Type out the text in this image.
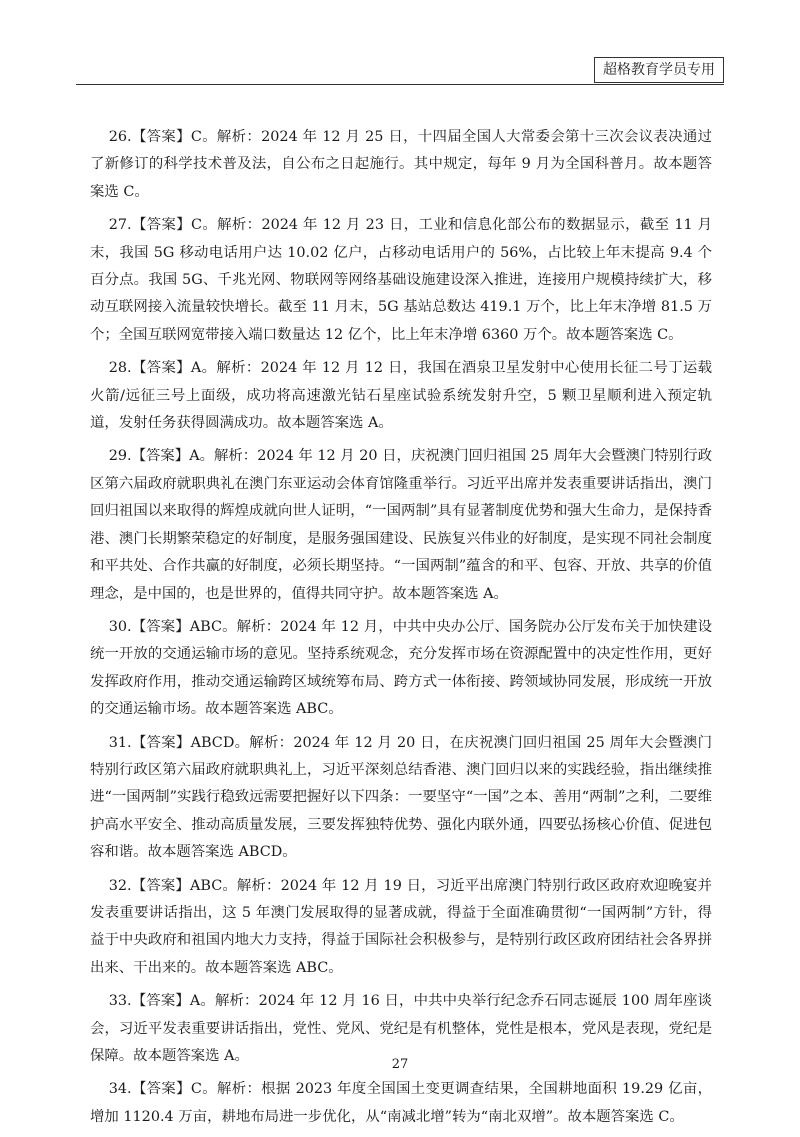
超格教育学员专用

26.【答案】C。解析：2024 年 12 月 25 日，十四届全国人大常委会第十三次会议表决通过了新修订的科学技术普及法，自公布之日起施行。其中规定，每年 9 月为全国科普月。故本题答案选 C。

27.【答案】C。解析：2024 年 12 月 23 日，工业和信息化部公布的数据显示，截至 11 月末，我国 5G 移动电话用户达 10.02 亿户，占移动电话用户的 56%，占比较上年末提高 9.4 个百分点。我国 5G、千兆光网、物联网等网络基础设施建设深入推进，连接用户规模持续扩大，移动互联网接入流量较快增长。截至 11 月末，5G 基站总数达 419.1 万个，比上年末净增 81.5 万个；全国互联网宽带接入端口数量达 12 亿个，比上年末净增 6360 万个。故本题答案选 C。

28.【答案】A。解析：2024 年 12 月 12 日，我国在酒泉卫星发射中心使用长征二号丁运载火箭/远征三号上面级，成功将高速激光钻石星座试验系统发射升空，5 颗卫星顺利进入预定轨道，发射任务获得圆满成功。故本题答案选 A。

29.【答案】A。解析：2024 年 12 月 20 日，庆祝澳门回归祖国 25 周年大会暨澳门特别行政区第六届政府就职典礼在澳门东亚运动会体育馆隆重举行。习近平出席并发表重要讲话指出，澳门回归祖国以来取得的辉煌成就向世人证明，“一国两制”具有显著制度优势和强大生命力，是保持香港、澳门长期繁荣稳定的好制度，是服务强国建设、民族复兴伟业的好制度，是实现不同社会制度和平共处、合作共赢的好制度，必须长期坚持。“一国两制”蕴含的和平、包容、开放、共享的价值理念，是中国的，也是世界的，值得共同守护。故本题答案选 A。

30.【答案】ABC。解析：2024 年 12 月，中共中央办公厅、国务院办公厅发布关于加快建设统一开放的交通运输市场的意见。坚持系统观念，充分发挥市场在资源配置中的决定性作用，更好发挥政府作用，推动交通运输跨区域统筹布局、跨方式一体衔接、跨领域协同发展，形成统一开放的交通运输市场。故本题答案选 ABC。

31.【答案】ABCD。解析：2024 年 12 月 20 日，在庆祝澳门回归祖国 25 周年大会暨澳门特别行政区第六届政府就职典礼上，习近平深刻总结香港、澳门回归以来的实践经验，指出继续推进“一国两制”实践行稳致远需要把握好以下四条：一要坚守“一国”之本、善用“两制”之利，二要维护高水平安全、推动高质量发展，三要发挥独特优势、强化内联外通，四要弘扬核心价值、促进包容和谐。故本题答案选 ABCD。

32.【答案】ABC。解析：2024 年 12 月 19 日，习近平出席澳门特别行政区政府欢迎晚宴并发表重要讲话指出，这 5 年澳门发展取得的显著成就，得益于全面准确贯彻“一国两制”方针，得益于中央政府和祖国内地大力支持，得益于国际社会积极参与，是特别行政区政府团结社会各界拼出来、干出来的。故本题答案选 ABC。

33.【答案】A。解析：2024 年 12 月 16 日，中共中央举行纪念乔石同志诞辰 100 周年座谈会，习近平发表重要讲话指出，党性、党风、党纪是有机整体，党性是根本，党风是表现，党纪是保障。故本题答案选 A。

34.【答案】C。解析：根据 2023 年度全国国土变更调查结果，全国耕地面积 19.29 亿亩，增加 1120.4 万亩，耕地布局进一步优化，从“南减北增”转为“南北双增”。故本题答案选 C。

27
